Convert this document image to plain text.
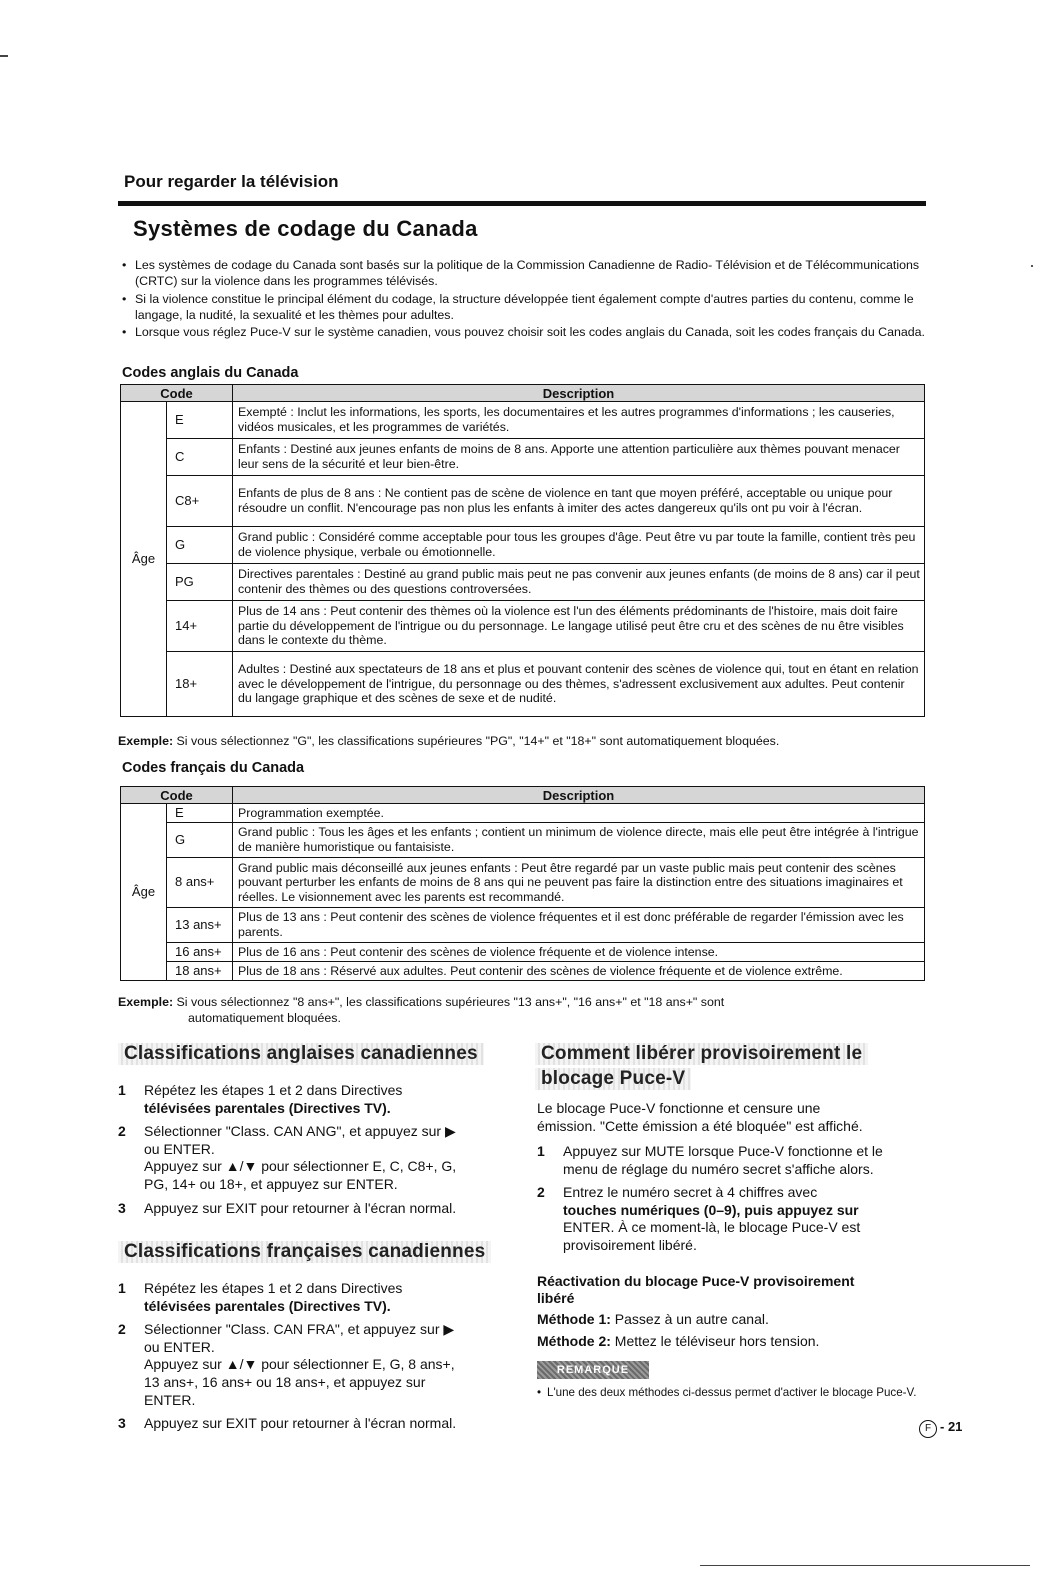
Pour regarder la télévision
Systèmes de codage du Canada
• Les systèmes de codage du Canada sont basés sur la politique de la Commission Canadienne de Radio- Télévision et de Télécommunications (CRTC) sur la violence dans les programmes télévisés.
• Si la violence constitue le principal élément du codage, la structure développée tient également compte d'autres parties du contenu, comme le langage, la nudité, la sexualité et les thèmes pour adultes.
• Lorsque vous réglez Puce-V sur le système canadien, vous pouvez choisir soit les codes anglais du Canada, soit les codes français du Canada.
Codes anglais du Canada
Code		Description
Âge	E	Exempté : Inclut les informations, les sports, les documentaires et les autres programmes d'informations ; les causeries, vidéos musicales, et les programmes de variétés.
	C	Enfants : Destiné aux jeunes enfants de moins de 8 ans. Apporte une attention particulière aux thèmes pouvant menacer leur sens de la sécurité et leur bien-être.
	C8+	Enfants de plus de 8 ans : Ne contient pas de scène de violence en tant que moyen préféré, acceptable ou unique pour résoudre un conflit. N'encourage pas non plus les enfants à imiter des actes dangereux qu'ils ont pu voir à l'écran.
	G	Grand public : Considéré comme acceptable pour tous les groupes d'âge. Peut être vu par toute la famille, contient très peu de violence physique, verbale ou émotionnelle.
	PG	Directives parentales : Destiné au grand public mais peut ne pas convenir aux jeunes enfants (de moins de 8 ans) car il peut contenir des thèmes ou des questions controversées.
	14+	Plus de 14 ans : Peut contenir des thèmes où la violence est l'un des éléments prédominants de l'histoire, mais doit faire partie du développement de l'intrigue ou du personnage. Le langage utilisé peut être cru et des scènes de nu être visibles dans le contexte du thème.
	18+	Adultes : Destiné aux spectateurs de 18 ans et plus et pouvant contenir des scènes de violence qui, tout en étant en relation avec le développement de l'intrigue, du personnage ou des thèmes, s'adressent exclusivement aux adultes. Peut contenir du langage graphique et des scènes de sexe et de nudité.
Exemple: Si vous sélectionnez "G", les classifications supérieures "PG", "14+" et "18+" sont automatiquement bloquées.
Codes français du Canada
Code		Description
Âge	E	Programmation exemptée.
	G	Grand public : Tous les âges et les enfants ; contient un minimum de violence directe, mais elle peut être intégrée à l'intrigue de manière humoristique ou fantaisiste.
	8 ans+	Grand public mais déconseillé aux jeunes enfants : Peut être regardé par un vaste public mais peut contenir des scènes pouvant perturber les enfants de moins de 8 ans qui ne peuvent pas faire la distinction entre des situations imaginaires et réelles. Le visionnement avec les parents est recommandé.
	13 ans+	Plus de 13 ans : Peut contenir des scènes de violence fréquentes et il est donc préférable de regarder l'émission avec les parents.
	16 ans+	Plus de 16 ans : Peut contenir des scènes de violence fréquente et de violence intense.
	18 ans+	Plus de 18 ans : Réservé aux adultes. Peut contenir des scènes de violence fréquente et de violence extrême.
Exemple: Si vous sélectionnez "8 ans+", les classifications supérieures "13 ans+", "16 ans+" et "18 ans+" sont
automatiquement bloquées.
Classifications anglaises canadiennes
1 Répétez les étapes 1 et 2 dans Directives
télévisées parentales (Directives TV).
2 Sélectionner "Class. CAN ANG", et appuyez sur ▶
ou ENTER.
Appuyez sur ▲/▼ pour sélectionner E, C, C8+, G,
PG, 14+ ou 18+, et appuyez sur ENTER.
3 Appuyez sur EXIT pour retourner à l'écran normal.
Classifications françaises canadiennes
1 Répétez les étapes 1 et 2 dans Directives
télévisées parentales (Directives TV).
2 Sélectionner "Class. CAN FRA", et appuyez sur ▶
ou ENTER.
Appuyez sur ▲/▼ pour sélectionner E, G, 8 ans+,
13 ans+, 16 ans+ ou 18 ans+, et appuyez sur
ENTER.
3 Appuyez sur EXIT pour retourner à l'écran normal.
Comment libérer provisoirement le
blocage Puce-V
Le blocage Puce-V fonctionne et censure une
émission. "Cette émission a été bloquée" est affiché.
1 Appuyez sur MUTE lorsque Puce-V fonctionne et le
menu de réglage du numéro secret s'affiche alors.
2 Entrez le numéro secret à 4 chiffres avec
touches numériques (0–9), puis appuyez sur
ENTER. À ce moment-là, le blocage Puce-V est
provisoirement libéré.
Réactivation du blocage Puce-V provisoirement
libéré
Méthode 1: Passez à un autre canal.
Méthode 2: Mettez le téléviseur hors tension.
REMARQUE
• L'une des deux méthodes ci-dessus permet d'activer le blocage Puce-V.
F - 21
